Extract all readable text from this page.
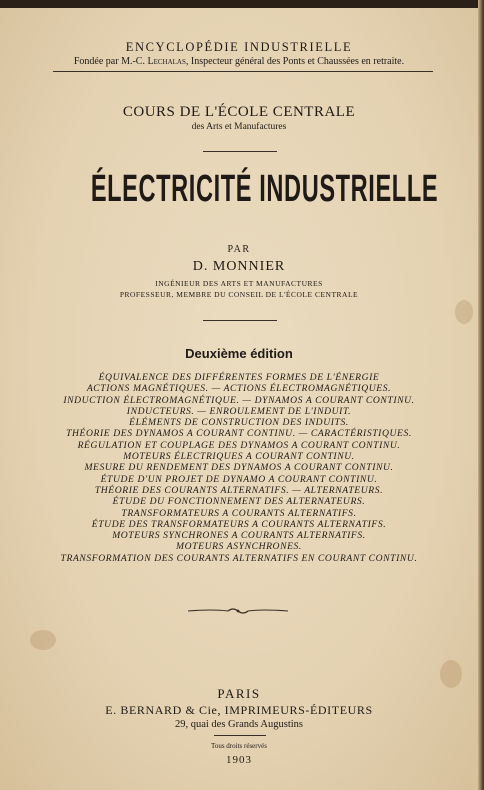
ENCYCLOPÉDIE INDUSTRIELLE
Fondée par M.-C. Lechalas, Inspecteur général des Ponts et Chaussées en retraite.
COURS DE L'ÉCOLE CENTRALE
des Arts et Manufactures
ÉLECTRICITÉ INDUSTRIELLE
PAR
D. MONNIER
INGÉNIEUR DES ARTS ET MANUFACTURES
PROFESSEUR, MEMBRE DU CONSEIL DE L'ÉCOLE CENTRALE
Deuxième édition
ÉQUIVALENCE DES DIFFÉRENTES FORMES DE L'ÉNERGIE
ACTIONS MAGNÉTIQUES. — ACTIONS ÉLECTROMAGNÉTIQUES.
INDUCTION ÉLECTROMAGNÉTIQUE. — DYNAMOS A COURANT CONTINU.
INDUCTEURS. — ENROULEMENT DE L'INDUIT.
ÉLÉMENTS DE CONSTRUCTION DES INDUITS.
THÉORIE DES DYNAMOS A COURANT CONTINU. — CARACTÉRISTIQUES.
RÉGULATION ET COUPLAGE DES DYNAMOS A COURANT CONTINU.
MOTEURS ÉLECTRIQUES A COURANT CONTINU.
MESURE DU RENDEMENT DES DYNAMOS A COURANT CONTINU.
ÉTUDE D'UN PROJET DE DYNAMO A COURANT CONTINU.
THÉORIE DES COURANTS ALTERNATIFS. — ALTERNATEURS.
ÉTUDE DU FONCTIONNEMENT DES ALTERNATEURS.
TRANSFORMATEURS A COURANTS ALTERNATIFS.
ÉTUDE DES TRANSFORMATEURS A COURANTS ALTERNATIFS.
MOTEURS SYNCHRONES A COURANTS ALTERNATIFS.
MOTEURS ASYNCHRONES.
TRANSFORMATION DES COURANTS ALTERNATIFS EN COURANT CONTINU.
PARIS
E. BERNARD & Cie, IMPRIMEURS-ÉDITEURS
29, quai des Grands Augustins
Tous droits réservés
1903
